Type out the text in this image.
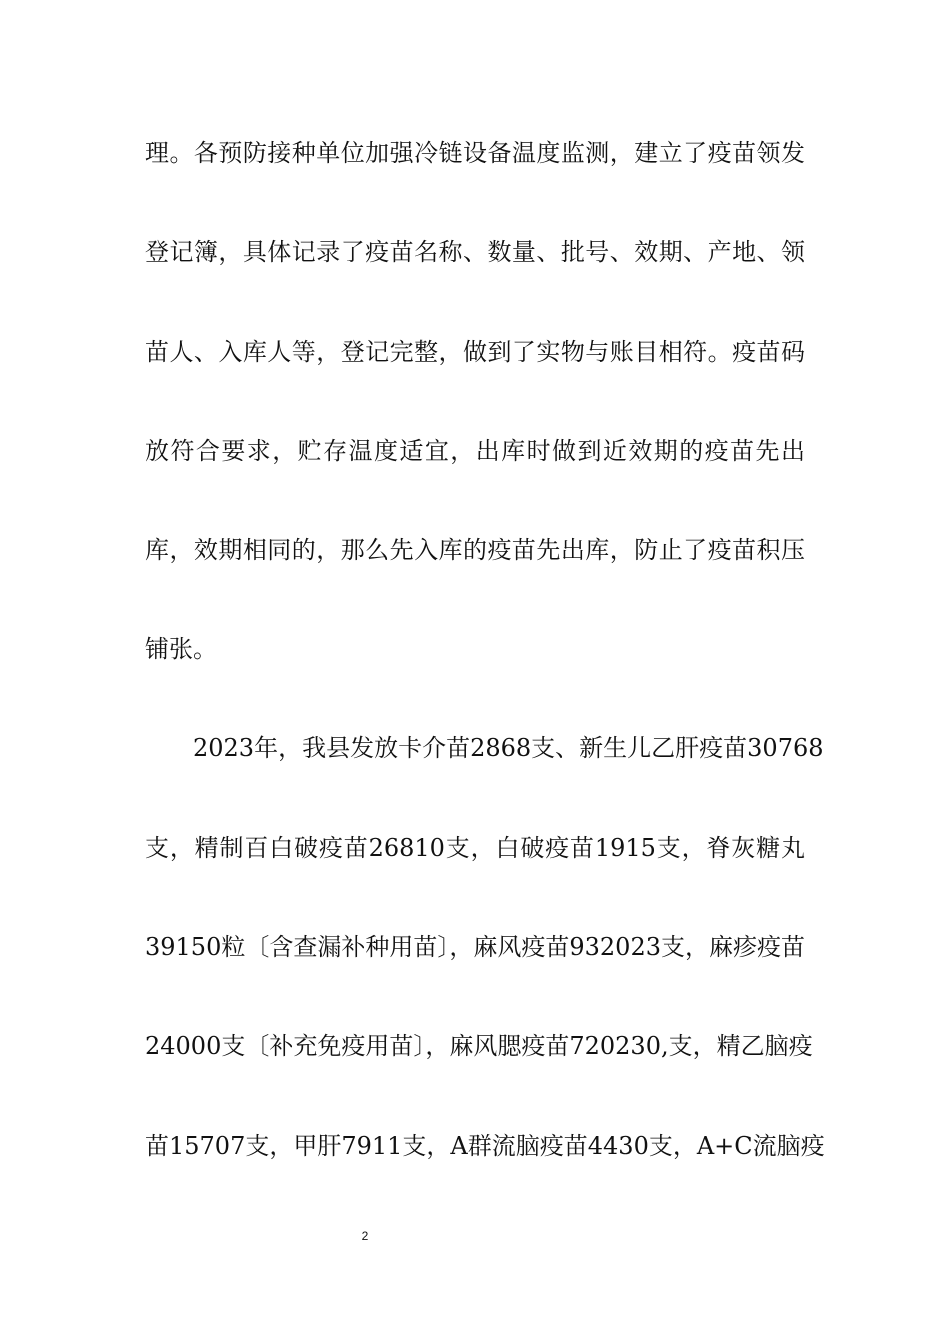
理。各预防接种单位加强冷链设备温度监测，建立了疫苗领发
登记簿，具体记录了疫苗名称、数量、批号、效期、产地、领
苗人、入库人等，登记完整，做到了实物与账目相符。疫苗码
放符合要求，贮存温度适宜，出库时做到近效期的疫苗先出
库，效期相同的，那么先入库的疫苗先出库，防止了疫苗积压
铺张。
2023年，我县发放卡介苗2868支、新生儿乙肝疫苗30768
支，精制百白破疫苗26810支，白破疫苗1915支，脊灰糖丸
39150粒〔含查漏补种用苗〕，麻风疫苗932023支，麻疹疫苗
24000支〔补充免疫用苗〕，麻风腮疫苗720230,支，精乙脑疫
苗15707支，甲肝7911支，A群流脑疫苗4430支，A+C流脑疫
2
